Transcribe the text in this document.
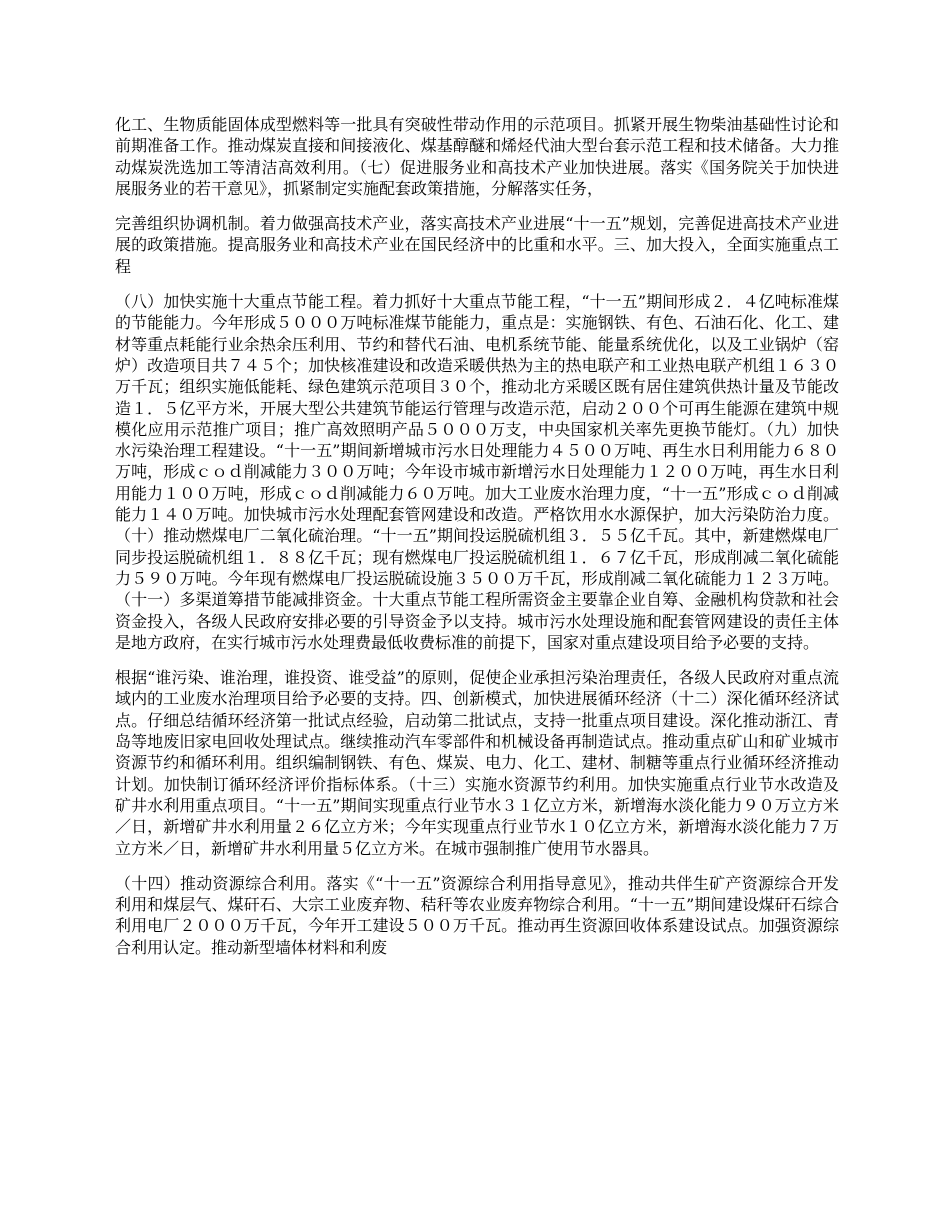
化工、生物质能固体成型燃料等一批具有突破性带动作用的示范项目。抓紧开展生物柴油基础性讨论和前期准备工作。推动煤炭直接和间接液化、煤基醇醚和烯烃代油大型台套示范工程和技术储备。大力推动煤炭洗选加工等清洁高效利用。（七）促进服务业和高技术产业加快进展。落实《国务院关于加快进展服务业的若干意见》，抓紧制定实施配套政策措施，分解落实任务，

完善组织协调机制。着力做强高技术产业，落实高技术产业进展“十一五”规划，完善促进高技术产业进展的政策措施。提高服务业和高技术产业在国民经济中的比重和水平。三、加大投入，全面实施重点工程

（八）加快实施十大重点节能工程。着力抓好十大重点节能工程，“十一五”期间形成２．４亿吨标准煤的节能能力。今年形成５０００万吨标准煤节能能力，重点是：实施钢铁、有色、石油石化、化工、建材等重点耗能行业余热余压利用、节约和替代石油、电机系统节能、能量系统优化，以及工业锅炉（窑炉）改造项目共７４５个；加快核准建设和改造采暖供热为主的热电联产和工业热电联产机组１６３０万千瓦；组织实施低能耗、绿色建筑示范项目３０个，推动北方采暖区既有居住建筑供热计量及节能改造１．５亿平方米，开展大型公共建筑节能运行管理与改造示范，启动２００个可再生能源在建筑中规模化应用示范推广项目；推广高效照明产品５０００万支，中央国家机关率先更换节能灯。（九）加快水污染治理工程建设。“十一五”期间新增城市污水日处理能力４５００万吨、再生水日利用能力６８０万吨，形成ｃｏｄ削减能力３００万吨；今年设市城市新增污水日处理能力１２００万吨，再生水日利用能力１００万吨，形成ｃｏｄ削减能力６０万吨。加大工业废水治理力度，“十一五”形成ｃｏｄ削减能力１４０万吨。加快城市污水处理配套管网建设和改造。严格饮用水水源保护，加大污染防治力度。（十）推动燃煤电厂二氧化硫治理。“十一五”期间投运脱硫机组３．５５亿千瓦。其中，新建燃煤电厂同步投运脱硫机组１．８８亿千瓦；现有燃煤电厂投运脱硫机组１．６７亿千瓦，形成削减二氧化硫能力５９０万吨。今年现有燃煤电厂投运脱硫设施３５００万千瓦，形成削减二氧化硫能力１２３万吨。（十一）多渠道筹措节能减排资金。十大重点节能工程所需资金主要靠企业自筹、金融机构贷款和社会资金投入，各级人民政府安排必要的引导资金予以支持。城市污水处理设施和配套管网建设的责任主体是地方政府，在实行城市污水处理费最低收费标准的前提下，国家对重点建设项目给予必要的支持。

根据“谁污染、谁治理，谁投资、谁受益”的原则，促使企业承担污染治理责任，各级人民政府对重点流域内的工业废水治理项目给予必要的支持。四、创新模式，加快进展循环经济（十二）深化循环经济试点。仔细总结循环经济第一批试点经验，启动第二批试点，支持一批重点项目建设。深化推动浙江、青岛等地废旧家电回收处理试点。继续推动汽车零部件和机械设备再制造试点。推动重点矿山和矿业城市资源节约和循环利用。组织编制钢铁、有色、煤炭、电力、化工、建材、制糖等重点行业循环经济推动计划。加快制订循环经济评价指标体系。（十三）实施水资源节约利用。加快实施重点行业节水改造及矿井水利用重点项目。“十一五”期间实现重点行业节水３１亿立方米，新增海水淡化能力９０万立方米／日，新增矿井水利用量２６亿立方米；今年实现重点行业节水１０亿立方米，新增海水淡化能力７万立方米／日，新增矿井水利用量５亿立方米。在城市强制推广使用节水器具。

（十四）推动资源综合利用。落实《“十一五”资源综合利用指导意见》，推动共伴生矿产资源综合开发利用和煤层气、煤矸石、大宗工业废弃物、秸秆等农业废弃物综合利用。“十一五”期间建设煤矸石综合利用电厂２０００万千瓦，今年开工建设５００万千瓦。推动再生资源回收体系建设试点。加强资源综合利用认定。推动新型墙体材料和利废
